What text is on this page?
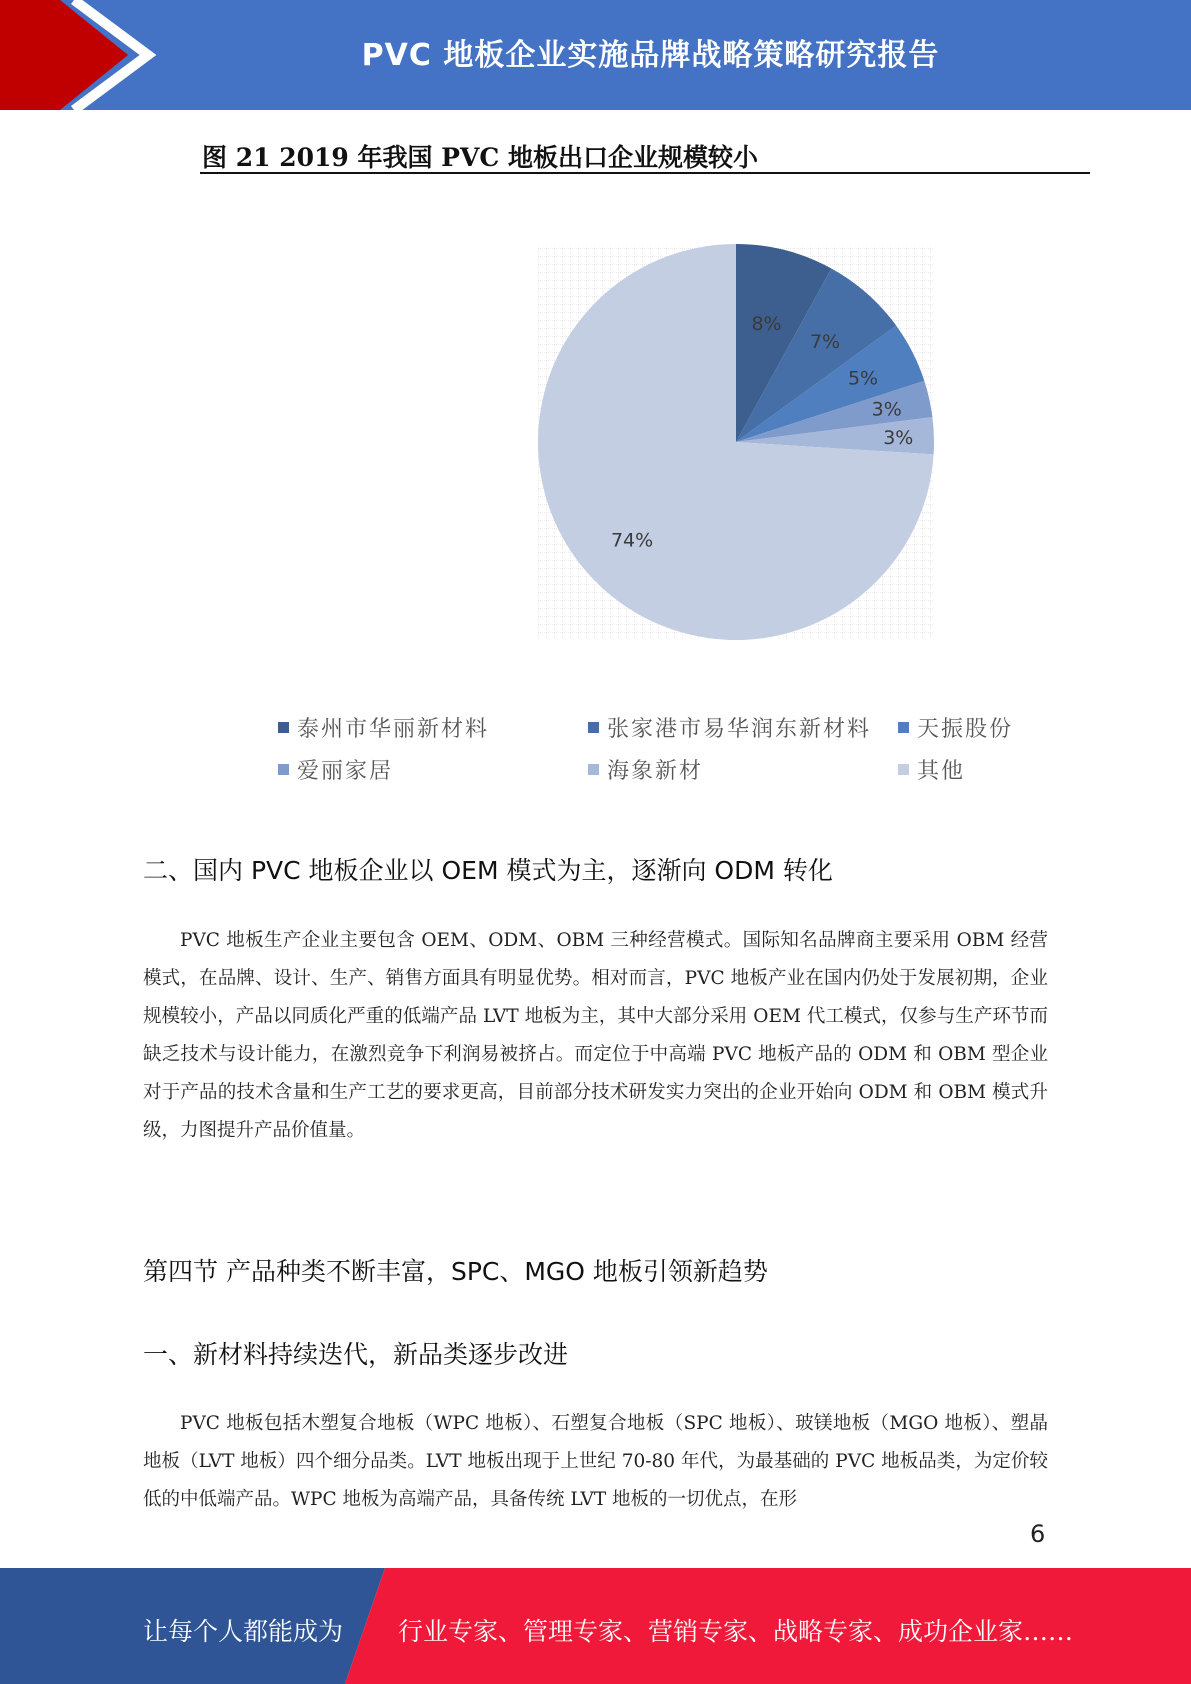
PVC 地板企业实施品牌战略策略研究报告
图 21 2019 年我国 PVC 地板出口企业规模较小
8%
7%
5%
3%
3%
74%
泰州市华丽新材料	张家港市易华润东新材料 天振股份
爱丽家居	海象新材	其他
二、国内 PVC 地板企业以 OEM 模式为主，逐渐向 ODM 转化
PVC 地板生产企业主要包含 OEM、ODM、OBM 三种经营模式。国际知名品牌商主要采用 OBM 经营模式，在品牌、设计、生产、销售方面具有明显优势。相对而言，PVC 地板产业在国内仍处于发展初期，企业规模较小，产品以同质化严重的低端产品 LVT 地板为主，其中大部分采用 OEM 代工模式，仅参与生产环节而缺乏技术与设计能力，在激烈竞争下利润易被挤占。而定位于中高端 PVC 地板产品的 ODM 和 OBM 型企业对于产品的技术含量和生产工艺的要求更高，目前部分技术研发实力突出的企业开始向 ODM 和 OBM 模式升级，力图提升产品价值量。
第四节 产品种类不断丰富，SPC、MGO 地板引领新趋势
一、新材料持续迭代，新品类逐步改进
PVC 地板包括木塑复合地板（WPC 地板）、石塑复合地板（SPC 地板）、玻镁地板（MGO 地板）、塑晶地板（LVT 地板）四个细分品类。LVT 地板出现于上世纪 70-80 年代，为最基础的 PVC 地板品类，为定价较低的中低端产品。WPC 地板为高端产品，具备传统 LVT 地板的一切优点，在形
6
让每个人都能成为 行业专家、管理专家、营销专家、战略专家、成功企业家……
